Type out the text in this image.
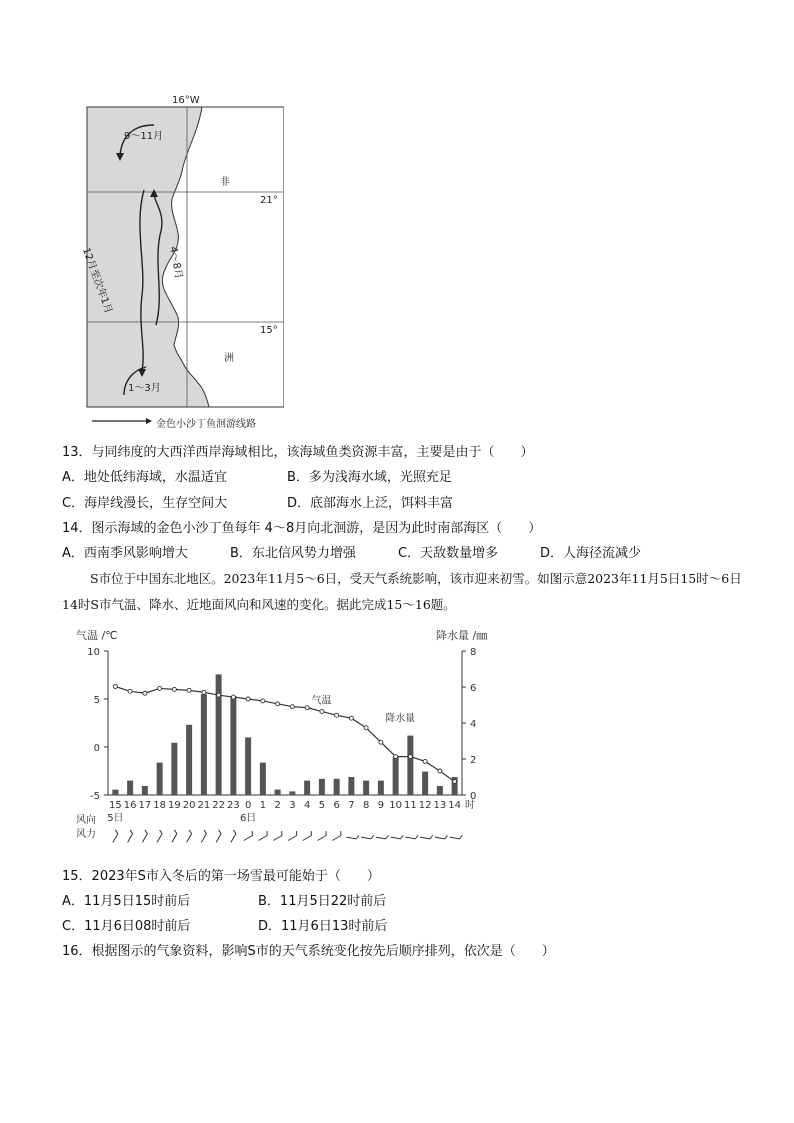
16°W
21°
15°
非
洲
9～11月
12月至次年1月	4～8月
1～3月
金色小沙丁鱼洄游线路
13．与同纬度的大西洋西岸海域相比，该海域鱼类资源丰富，主要是由于（　　）
A．地处低纬海域，水温适宜	B．多为浅海水域，光照充足
C．海岸线漫长，生存空间大	D．底部海水上泛，饵料丰富
14．图示海域的金色小沙丁鱼每年 4～8月向北洄游，是因为此时南部海区（　　）
A．西南季风影响增大	B．东北信风势力增强	C．天敌数量增多	D．人海径流减少
S市位于中国东北地区。2023年11月5～6日，受天气系统影响，该市迎来初雪。如图示意2023年11月5日15时～6日14时S市气温、降水、近地面风向和风速的变化。据此完成15～16题。
气温 /℃	降水量 /㎜
10
5
0
-5
8
6
4
2
0
15 16 17 18 19 20 21 22 23 0 1 2 3 4 5 6 7 8 9 10 11 12 13 14 时
5日	6日
气温
降水量
风向
风力
15．2023年S市入冬后的第一场雪最可能始于（　　）
A．11月5日15时前后	B．11月5日22时前后
C．11月6日08时前后	D．11月6日13时前后
16．根据图示的气象资料，影响S市的天气系统变化按先后顺序排列，依次是（　　）
